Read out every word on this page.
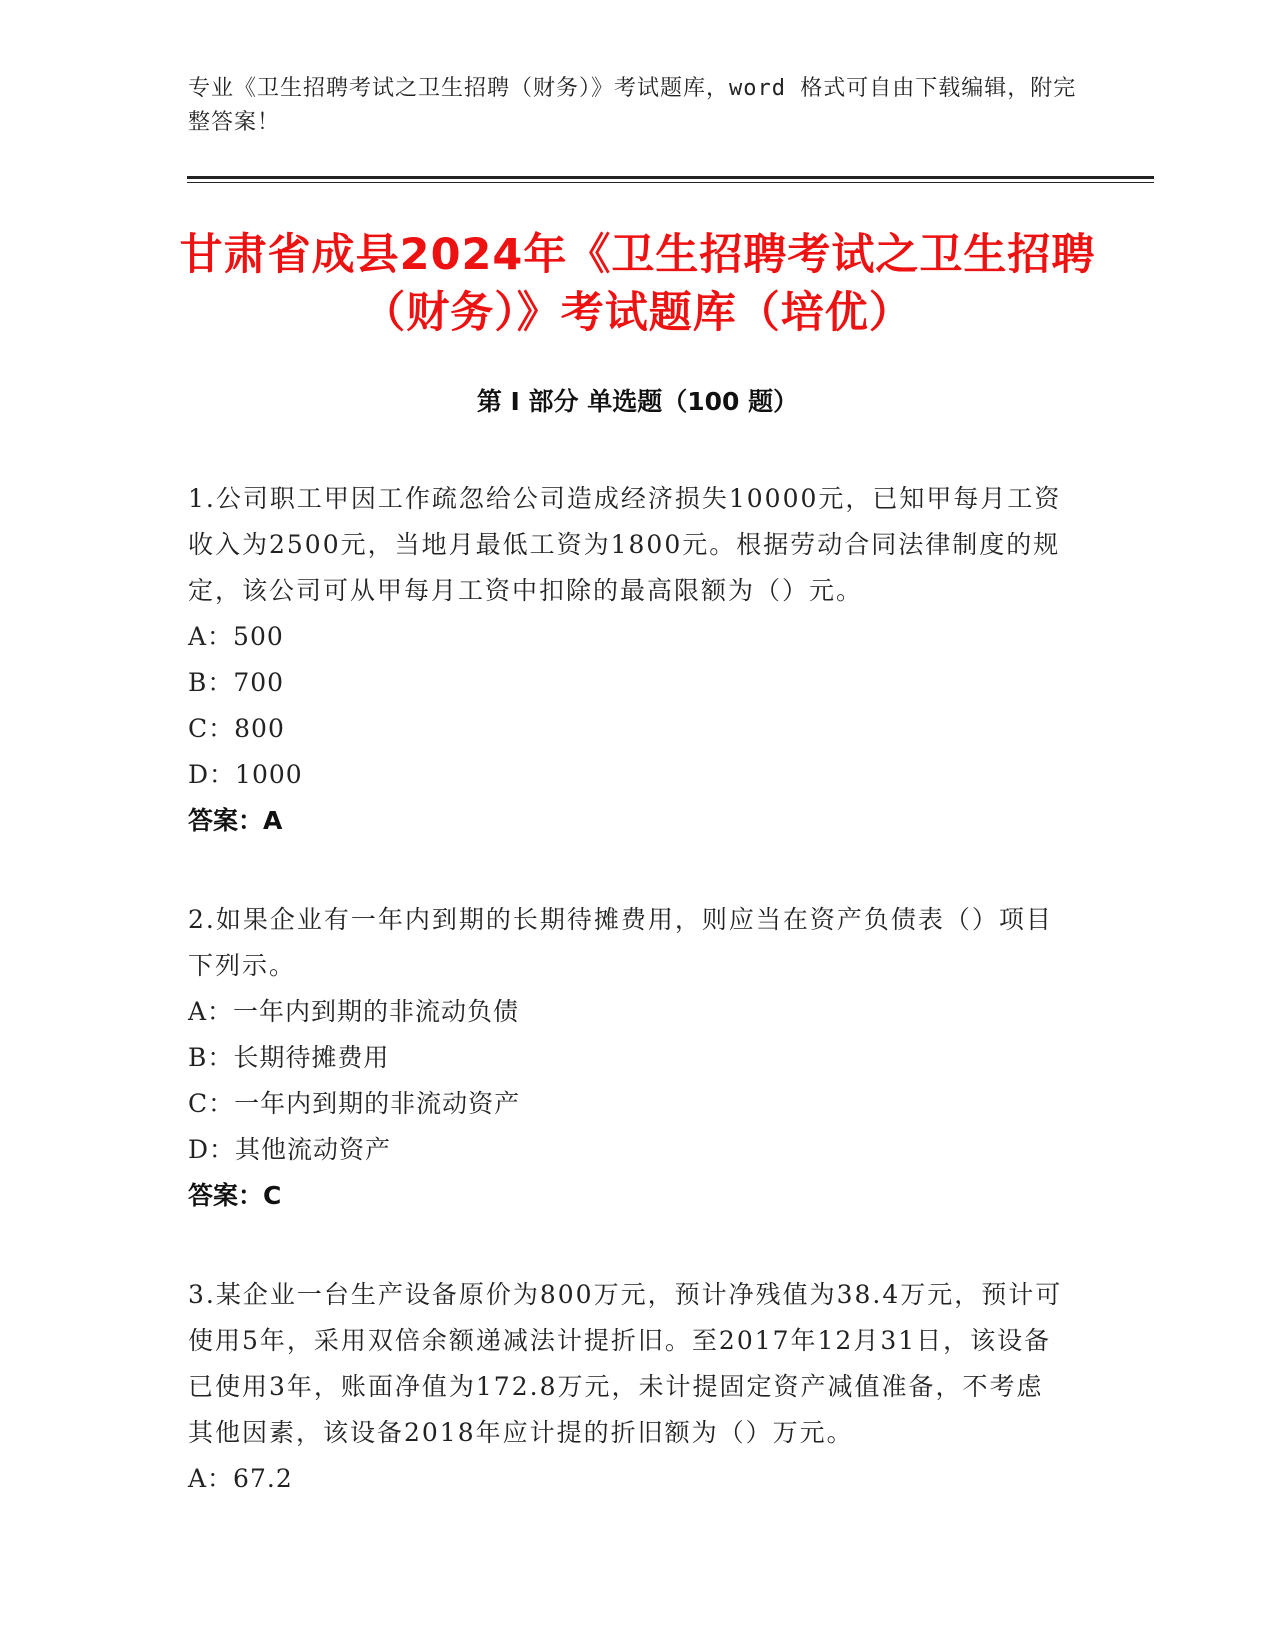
专业《卫生招聘考试之卫生招聘（财务）》考试题库，word 格式可自由下载编辑，附完整答案！
甘肃省成县2024年《卫生招聘考试之卫生招聘（财务）》考试题库（培优）
第 I 部分 单选题（100 题）
1.公司职工甲因工作疏忽给公司造成经济损失10000元，已知甲每月工资收入为2500元，当地月最低工资为1800元。根据劳动合同法律制度的规定，该公司可从甲每月工资中扣除的最高限额为（）元。
A：500
B：700
C：800
D：1000
答案：A
2.如果企业有一年内到期的长期待摊费用，则应当在资产负债表（）项目下列示。
A：一年内到期的非流动负债
B：长期待摊费用
C：一年内到期的非流动资产
D：其他流动资产
答案：C
3.某企业一台生产设备原价为800万元，预计净残值为38.4万元，预计可使用5年，采用双倍余额递减法计提折旧。至2017年12月31日，该设备已使用3年，账面净值为172.8万元，未计提固定资产减值准备，不考虑其他因素，该设备2018年应计提的折旧额为（）万元。
A：67.2
